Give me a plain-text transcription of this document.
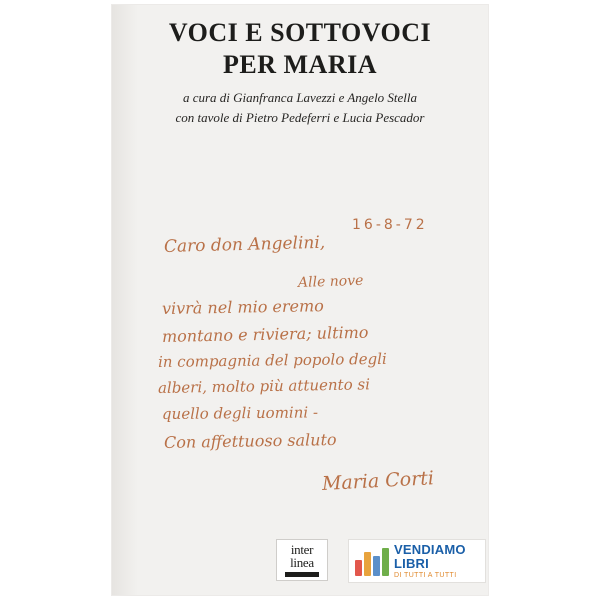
VOCI E SOTTOVOCI
PER MARIA
a cura di Gianfranca Lavezzi e Angelo Stella
con tavole di Pietro Pedeferri e Lucia Pescador
16-8-72
Caro don Angelini,
Alle nove
vivrà nel mio eremo
montano e riviera; ultimo
in compagnia del popolo degli
alberi, molto più attuento si
quello degli uomini -
Con affettuoso saluto
Maria Corti
inter
linea
VENDIAMO
LIBRI
DI TUTTI A TUTTI
